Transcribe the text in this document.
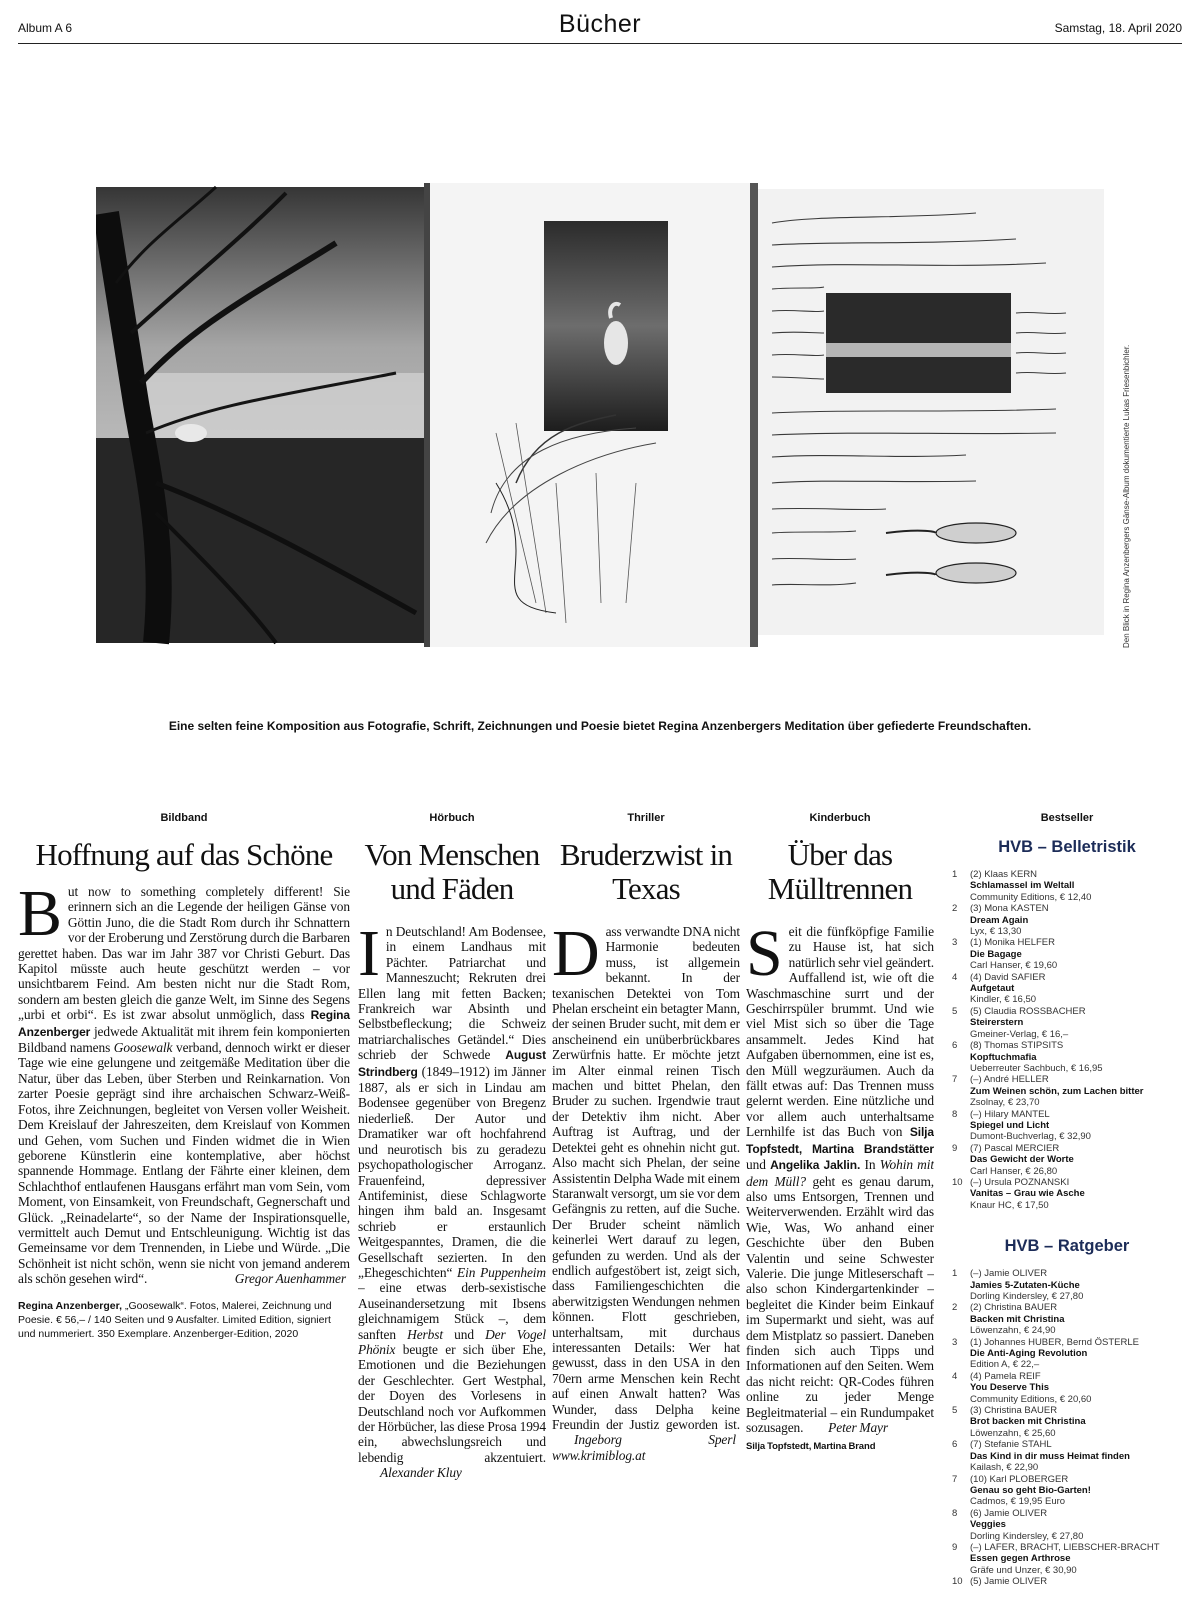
Album A 6	Bücher	Samstag, 18. April 2020
Den Blick in Regina Anzenbergers Gänse-Album dokumentierte Lukas Friesenbichler.
Eine selten feine Komposition aus Fotografie, Schrift, Zeichnungen und Poesie bietet Regina Anzenbergers Meditation über gefiederte Freundschaften.
Bildband
Hoffnung auf das Schöne
But now to something completely different! Sie erinnern sich an die Legende der heiligen Gänse von Göttin Juno, die die Stadt Rom durch ihr Schnattern vor der Eroberung und Zerstörung durch die Barbaren gerettet haben. Das war im Jahr 387 vor Christi Geburt. Das Kapitol müsste auch heute geschützt werden – vor unsichtbarem Feind. Am besten nicht nur die Stadt Rom, sondern am besten gleich die ganze Welt, im Sinne des Segens „urbi et orbi“. Es ist zwar absolut unmöglich, dass Regina Anzenberger jedwede Aktualität mit ihrem fein komponierten Bildband namens Goosewalk verband, dennoch wirkt er dieser Tage wie eine gelungene und zeitgemäße Meditation über die Natur, über das Leben, über Sterben und Reinkarnation. Von zarter Poesie geprägt sind ihre archaischen Schwarz-Weiß-Fotos, ihre Zeichnungen, begleitet von Versen voller Weisheit. Dem Kreislauf der Jahreszeiten, dem Kreislauf von Kommen und Gehen, vom Suchen und Finden widmet die in Wien geborene Künstlerin eine kontemplative, aber höchst spannende Hommage. Entlang der Fährte einer kleinen, dem Schlachthof entlaufenen Hausgans erfährt man vom Sein, vom Moment, von Einsamkeit, von Freundschaft, Gegnerschaft und Glück. „Reinadelarte“, so der Name der Inspirationsquelle, vermittelt auch Demut und Entschleunigung. Wichtig ist das Gemeinsame vor dem Trennenden, in Liebe und Würde. „Die Schönheit ist nicht schön, wenn sie nicht von jemand anderem als schön gesehen wird“.	Gregor Auenhammer
Regina Anzenberger, „Goosewalk“. Fotos, Malerei, Zeichnung und Poesie. € 56,– / 140 Seiten und 9 Ausfalter. Limited Edition, signiert und nummeriert. 350 Exemplare. Anzenberger-Edition, 2020
Hörbuch
Von Menschen und Fäden
In Deutschland! Am Bodensee, in einem Landhaus mit Pächter. Patriarchat und Manneszucht; Rekruten drei Ellen lang mit fetten Backen; Frankreich war Absinth und Selbstbefleckung; die Schweiz matriarchalisches Getändel.“ Dies schrieb der Schwede August Strindberg (1849–1912) im Jänner 1887, als er sich in Lindau am Bodensee gegenüber von Bregenz niederließ. Der Autor und Dramatiker war oft hochfahrend und neurotisch bis zu geradezu psychopathologischer Arroganz. Frauenfeind, depressiver Antifeminist, diese Schlagworte hingen ihm bald an. Insgesamt schrieb er erstaunlich Weitgespanntes, Dramen, die die Gesellschaft sezierten. In den „Ehegeschichten“ Ein Puppenheim – eine etwas derb-sexistische Auseinandersetzung mit Ibsens gleichnamigem Stück –, dem sanften Herbst und Der Vogel Phönix beugte er sich über Ehe, Emotionen und die Beziehungen der Geschlechter. Gert Westphal, der Doyen des Vorlesens in Deutschland noch vor Aufkommen der Hörbücher, las diese Prosa 1994 ein, abwechslungsreich und lebendig akzentuiert. Alexander Kluy
Thriller
Bruderzwist in Texas
Dass verwandte DNA nicht Harmonie bedeuten muss, ist allgemein bekannt. In der texanischen Detektei von Tom Phelan erscheint ein betagter Mann, der seinen Bruder sucht, mit dem er anscheinend ein unüberbrückbares Zerwürfnis hatte. Er möchte jetzt im Alter einmal reinen Tisch machen und bittet Phelan, den Bruder zu suchen. Irgendwie traut der Detektiv ihm nicht. Aber Auftrag ist Auftrag, und der Detektei geht es ohnehin nicht gut. Also macht sich Phelan, der seine Assistentin Delpha Wade mit einem Staranwalt versorgt, um sie vor dem Gefängnis zu retten, auf die Suche. Der Bruder scheint nämlich keinerlei Wert darauf zu legen, gefunden zu werden. Und als der endlich aufgestöbert ist, zeigt sich, dass Familiengeschichten die aberwitzigsten Wendungen nehmen können. Flott geschrieben, unterhaltsam, mit durchaus interessanten Details: Wer hat gewusst, dass in den USA in den 70ern arme Menschen kein Recht auf einen Anwalt hatten? Was Wunder, dass Delpha keine Freundin der Justiz geworden ist. Ingeborg Sperl www.krimiblog.at
Kinderbuch
Über das Mülltrennen
Seit die fünfköpfige Familie zu Hause ist, hat sich natürlich sehr viel geändert. Auffallend ist, wie oft die Waschmaschine surrt und der Geschirrspüler brummt. Und wie viel Mist sich so über die Tage ansammelt. Jedes Kind hat Aufgaben übernommen, eine ist es, den Müll wegzuräumen. Auch da fällt etwas auf: Das Trennen muss gelernt werden. Eine nützliche und vor allem auch unterhaltsame Lernhilfe ist das Buch von Silja Topfstedt, Martina Brandstätter und Angelika Jaklin. In Wohin mit dem Müll? geht es genau darum, also ums Entsorgen, Trennen und Weiterverwenden. Erzählt wird das Wie, Was, Wo anhand einer Geschichte über den Buben Valentin und seine Schwester Valerie. Die junge Mitleserschaft – also schon Kindergartenkinder – begleitet die Kinder beim Einkauf im Supermarkt und sieht, was auf dem Mistplatz so passiert. Daneben finden sich auch Tipps und Informationen auf den Seiten. Wem das nicht reicht: QR-Codes führen online zu jeder Menge Begleitmaterial – ein Rundumpaket sozusagen. Peter Mayr
Silja Topfstedt, Martina Brand
Bestseller
HVB – Belletristik
1	(2) Klaas KERN
Schlamassel im Weltall
Community Editions, € 12,40
2	(3) Mona KASTEN
Dream Again
Lyx, € 13,30
3	(1) Monika HELFER
Die Bagage
Carl Hanser, € 19,60
4	(4) David SAFIER
Aufgetaut
Kindler, € 16,50
5	(5) Claudia ROSSBACHER
Steirerstern
Gmeiner-Verlag, € 16,–
6	(8) Thomas STIPSITS
Kopftuchmafia
Ueberreuter Sachbuch, € 16,95
7	(–) André HELLER
Zum Weinen schön, zum Lachen bitter
Zsolnay, € 23,70
8	(–) Hilary MANTEL
Spiegel und Licht
Dumont-Buchverlag, € 32,90
9	(7) Pascal MERCIER
Das Gewicht der Worte
Carl Hanser, € 26,80
10 (–) Ursula POZNANSKI
Vanitas – Grau wie Asche
Knaur HC, € 17,50
HVB – Ratgeber
1	(–) Jamie OLIVER
Jamies 5-Zutaten-Küche
Dorling Kindersley, € 27,80
2	(2) Christina BAUER
Backen mit Christina
Löwenzahn, € 24,90
3	(1) Johannes HUBER, Bernd ÖSTERLE
Die Anti-Aging Revolution
Edition A, € 22,–
4	(4) Pamela REIF
You Deserve This
Community Editions, € 20,60
5	(3) Christina BAUER
Brot backen mit Christina
Löwenzahn, € 25,60
6	(7) Stefanie STAHL
Das Kind in dir muss Heimat finden
Kailash, € 22,90
7	(10) Karl PLOBERGER
Genau so geht Bio-Garten!
Cadmos, € 19,95 Euro
8	(6) Jamie OLIVER
Veggies
Dorling Kindersley, € 27,80
9	(–) LAFER, BRACHT, LIEBSCHER-BRACHT
Essen gegen Arthrose
Gräfe und Unzer, € 30,90
10 (5) Jamie OLIVER
